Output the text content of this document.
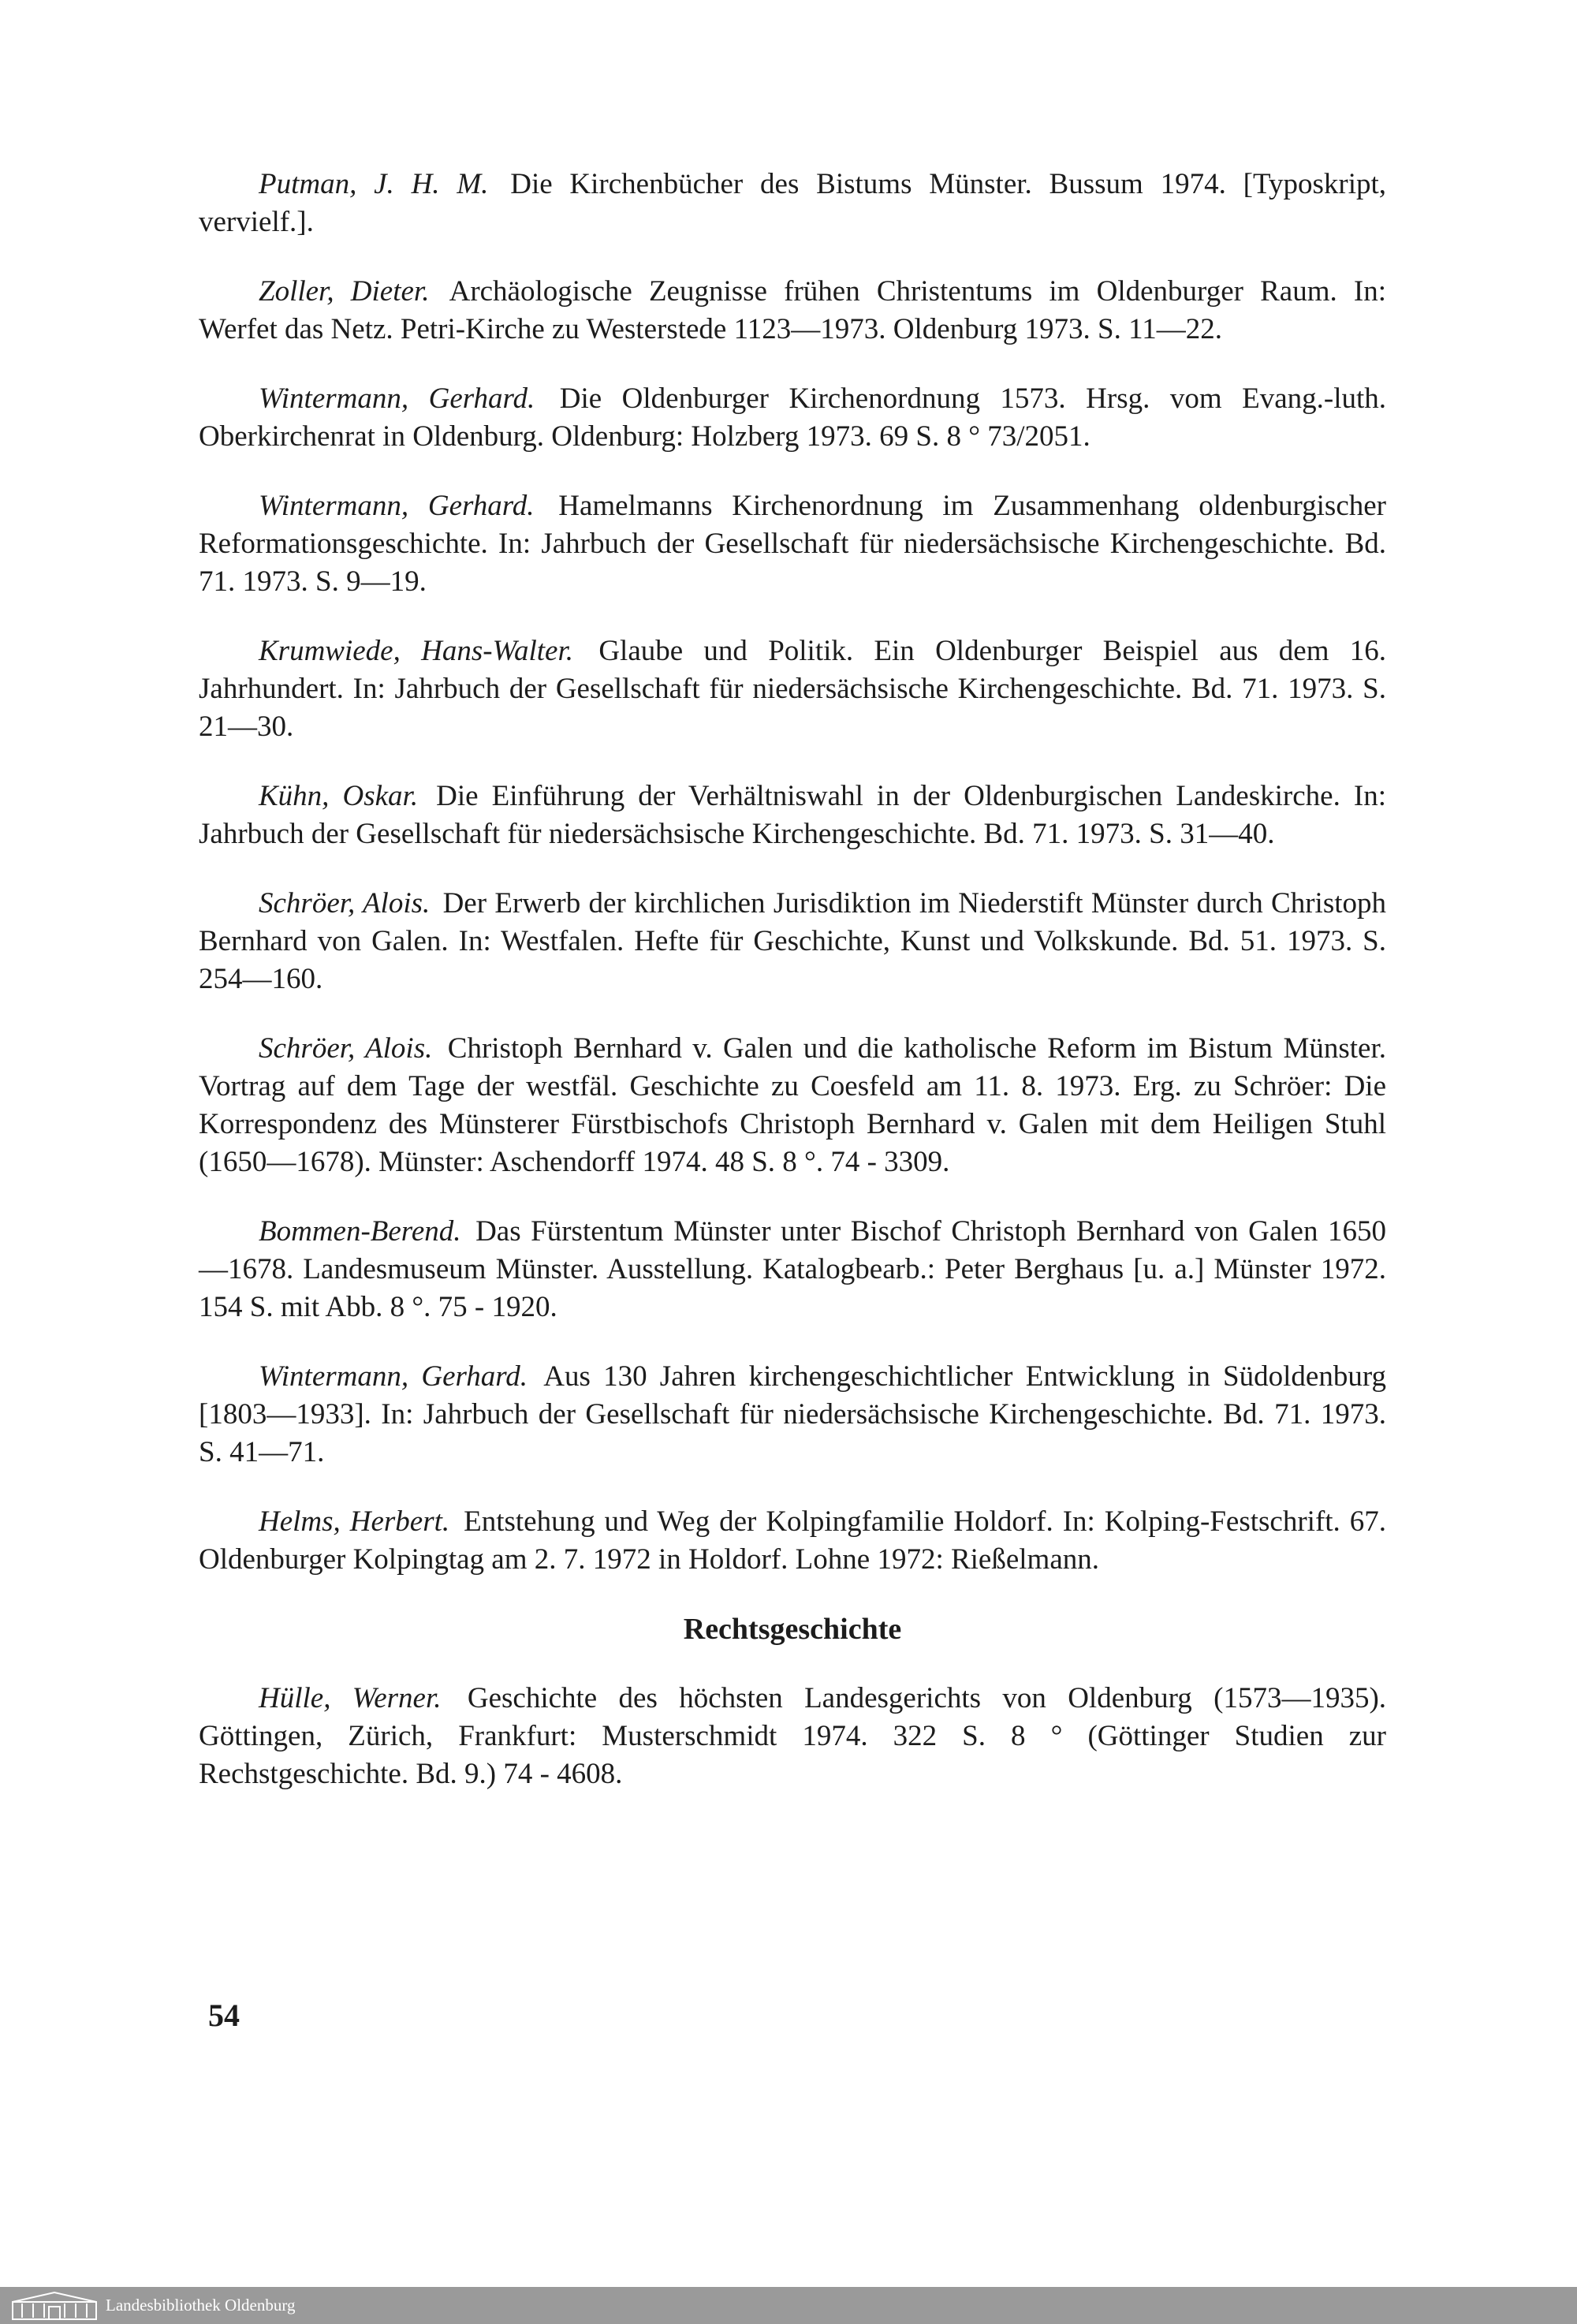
Putman, J. H. M. Die Kirchenbücher des Bistums Münster. Bussum 1974. [Typoskript, vervielf.].

Zoller, Dieter. Archäologische Zeugnisse frühen Christentums im Oldenburger Raum. In: Werfet das Netz. Petri-Kirche zu Westerstede 1123—1973. Oldenburg 1973. S. 11—22.

Wintermann, Gerhard. Die Oldenburger Kirchenordnung 1573. Hrsg. vom Evang.-luth. Oberkirchenrat in Oldenburg. Oldenburg: Holzberg 1973. 69 S. 8 ° 73/2051.

Wintermann, Gerhard. Hamelmanns Kirchenordnung im Zusammenhang oldenburgischer Reformationsgeschichte. In: Jahrbuch der Gesellschaft für niedersächsische Kirchengeschichte. Bd. 71. 1973. S. 9—19.

Krumwiede, Hans-Walter. Glaube und Politik. Ein Oldenburger Beispiel aus dem 16. Jahrhundert. In: Jahrbuch der Gesellschaft für niedersächsische Kirchengeschichte. Bd. 71. 1973. S. 21—30.

Kühn, Oskar. Die Einführung der Verhältniswahl in der Oldenburgischen Landeskirche. In: Jahrbuch der Gesellschaft für niedersächsische Kirchengeschichte. Bd. 71. 1973. S. 31—40.

Schröer, Alois. Der Erwerb der kirchlichen Jurisdiktion im Niederstift Münster durch Christoph Bernhard von Galen. In: Westfalen. Hefte für Geschichte, Kunst und Volkskunde. Bd. 51. 1973. S. 254—160.

Schröer, Alois. Christoph Bernhard v. Galen und die katholische Reform im Bistum Münster. Vortrag auf dem Tage der westfäl. Geschichte zu Coesfeld am 11. 8. 1973. Erg. zu Schröer: Die Korrespondenz des Münsterer Fürstbischofs Christoph Bernhard v. Galen mit dem Heiligen Stuhl (1650—1678). Münster: Aschendorff 1974. 48 S. 8 °. 74 - 3309.

Bommen-Berend. Das Fürstentum Münster unter Bischof Christoph Bernhard von Galen 1650—1678. Landesmuseum Münster. Ausstellung. Katalogbearb.: Peter Berghaus [u. a.] Münster 1972. 154 S. mit Abb. 8 °. 75 - 1920.

Wintermann, Gerhard. Aus 130 Jahren kirchengeschichtlicher Entwicklung in Südoldenburg [1803—1933]. In: Jahrbuch der Gesellschaft für niedersächsische Kirchengeschichte. Bd. 71. 1973. S. 41—71.

Helms, Herbert. Entstehung und Weg der Kolpingfamilie Holdorf. In: Kolping-Festschrift. 67. Oldenburger Kolpingtag am 2. 7. 1972 in Holdorf. Lohne 1972: Rießelmann.

Rechtsgeschichte

Hülle, Werner. Geschichte des höchsten Landesgerichts von Oldenburg (1573—1935). Göttingen, Zürich, Frankfurt: Musterschmidt 1974. 322 S. 8 ° (Göttinger Studien zur Rechstgeschichte. Bd. 9.) 74 - 4608.

54
Landesbibliothek Oldenburg
